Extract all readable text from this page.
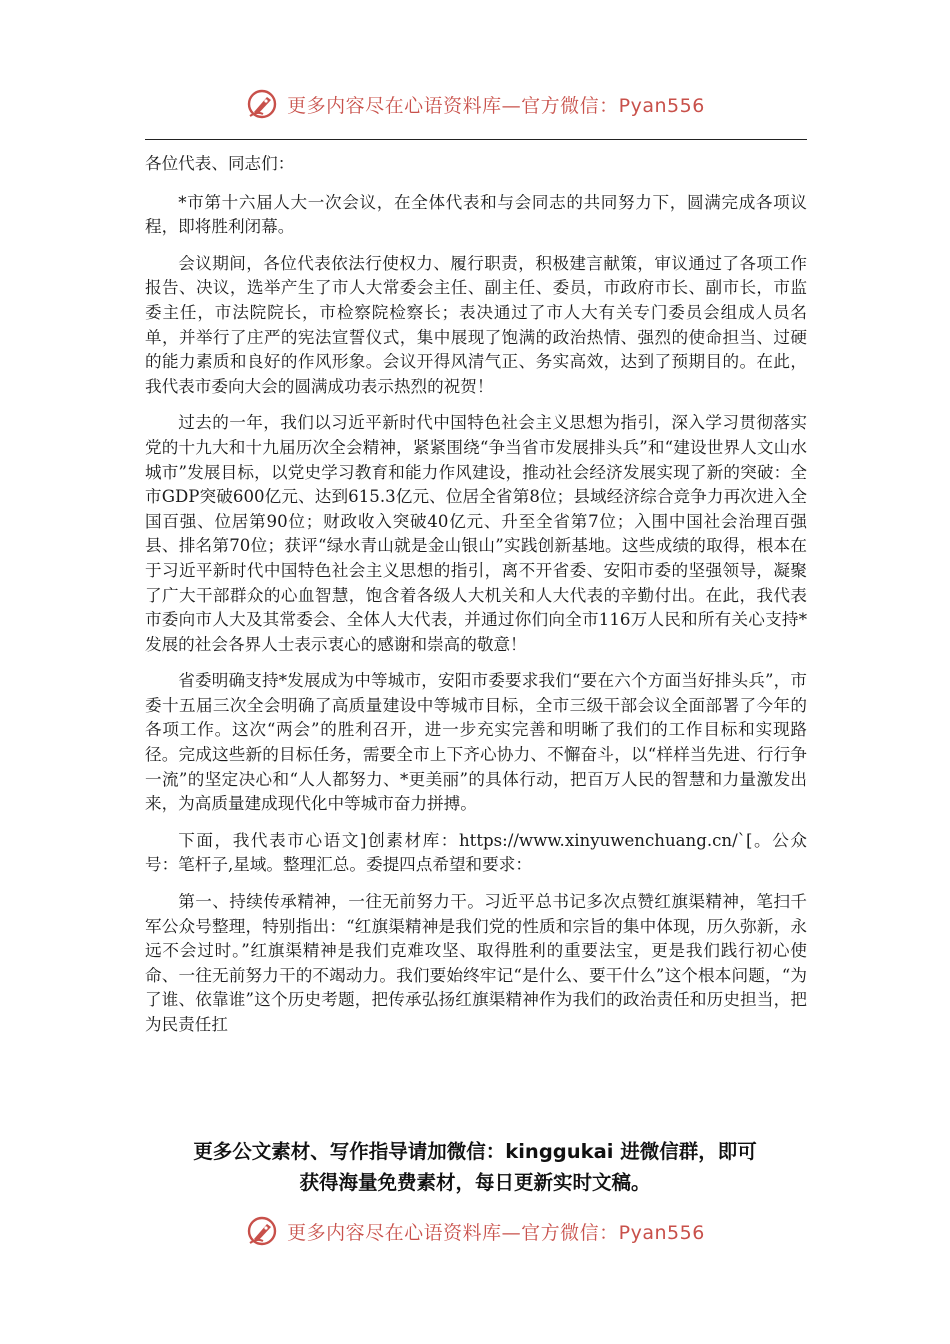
更多内容尽在心语资料库—官方微信：Pyan556

各位代表、同志们：

*市第十六届人大一次会议，在全体代表和与会同志的共同努力下，圆满完成各项议程，即将胜利闭幕。

会议期间，各位代表依法行使权力、履行职责，积极建言献策，审议通过了各项工作报告、决议，选举产生了市人大常委会主任、副主任、委员，市政府市长、副市长，市监委主任，市法院院长，市检察院检察长；表决通过了市人大有关专门委员会组成人员名单，并举行了庄严的宪法宣誓仪式，集中展现了饱满的政治热情、强烈的使命担当、过硬的能力素质和良好的作风形象。会议开得风清气正、务实高效，达到了预期目的。在此，我代表市委向大会的圆满成功表示热烈的祝贺！

过去的一年，我们以习近平新时代中国特色社会主义思想为指引，深入学习贯彻落实党的十九大和十九届历次全会精神，紧紧围绕“争当省市发展排头兵”和“建设世界人文山水城市”发展目标，以党史学习教育和能力作风建设，推动社会经济发展实现了新的突破：全市GDP突破600亿元、达到615.3亿元、位居全省第8位；县域经济综合竞争力再次进入全国百强、位居第90位；财政收入突破40亿元、升至全省第7位；入围中国社会治理百强县、排名第70位；获评“绿水青山就是金山银山”实践创新基地。这些成绩的取得，根本在于习近平新时代中国特色社会主义思想的指引，离不开省委、安阳市委的坚强领导，凝聚了广大干部群众的心血智慧，饱含着各级人大机关和人大代表的辛勤付出。在此，我代表市委向市人大及其常委会、全体人大代表，并通过你们向全市116万人民和所有关心支持*发展的社会各界人士表示衷心的感谢和崇高的敬意！

省委明确支持*发展成为中等城市，安阳市委要求我们“要在六个方面当好排头兵”，市委十五届三次全会明确了高质量建设中等城市目标，全市三级干部会议全面部署了今年的各项工作。这次“两会”的胜利召开，进一步充实完善和明晰了我们的工作目标和实现路径。完成这些新的目标任务，需要全市上下齐心协力、不懈奋斗，以“样样当先进、行行争一流”的坚定决心和“人人都努力、*更美丽”的具体行动，把百万人民的智慧和力量激发出来，为高质量建成现代化中等城市奋力拼搏。

下面，我代表市心语文]创素材库：https://www.xinyuwenchuang.cn/`[。公众号：笔杆子,星域。整理汇总。委提四点希望和要求：

第一、持续传承精神，一往无前努力干。习近平总书记多次点赞红旗渠精神，笔扫千军公众号整理，特别指出：“红旗渠精神是我们党的性质和宗旨的集中体现，历久弥新，永远不会过时。”红旗渠精神是我们克难攻坚、取得胜利的重要法宝，更是我们践行初心使命、一往无前努力干的不竭动力。我们要始终牢记“是什么、要干什么”这个根本问题，“为了谁、依靠谁”这个历史考题，把传承弘扬红旗渠精神作为我们的政治责任和历史担当，把为民责任扛

更多公文素材、写作指导请加微信：kinggukai 进微信群，即可
获得海量免费素材，每日更新实时文稿。
更多内容尽在心语资料库—官方微信：Pyan556
